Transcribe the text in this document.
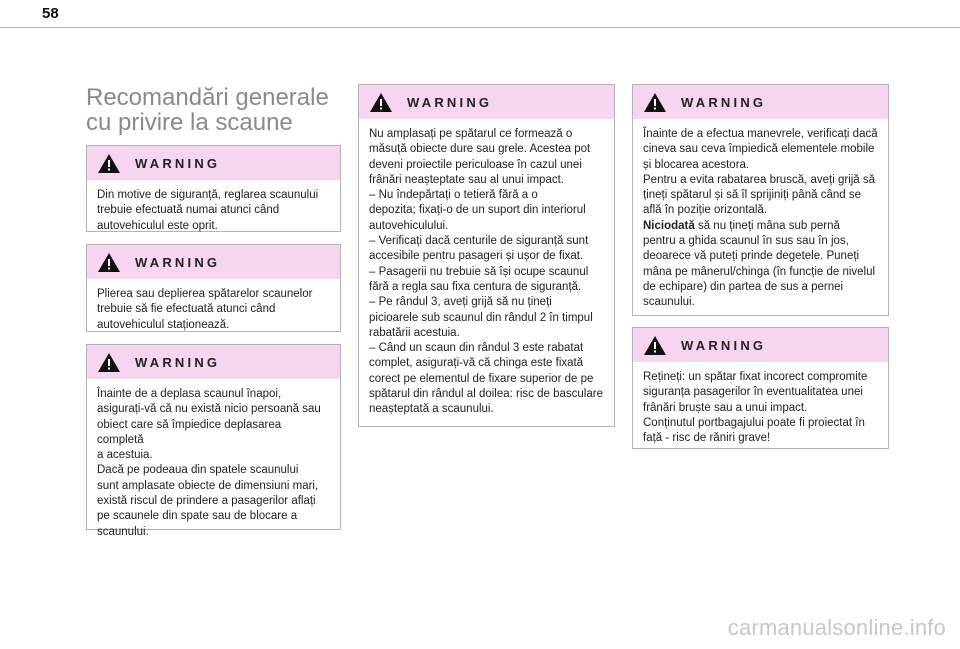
58
Recomandări generale cu privire la scaune
WARNING

Din motive de siguranță, reglarea scaunului

trebuie efectuată numai atunci când

autovehiculul este oprit.

WARNING

Plierea sau deplierea spătarelor scaunelor

trebuie să fie efectuată atunci când

autovehiculul staționează.

WARNING

Înainte de a deplasa scaunul înapoi,

asigurați-vă că nu există nicio persoană sau

obiect care să împiedice deplasarea completă

a acestuia.

Dacă pe podeaua din spatele scaunului

sunt amplasate obiecte de dimensiuni mari,

există riscul de prindere a pasagerilor aflați

pe scaunele din spate sau de blocare a

scaunului.

WARNING

Nu amplasați pe spătarul ce formează o

măsuță obiecte dure sau grele. Acestea pot

deveni proiectile periculoase în cazul unei

frânări neașteptate sau al unui impact.

– Nu îndepărtați o tetieră fără a o

depozita; fixați-o de un suport din interiorul

autovehiculului.

– Verificați dacă centurile de siguranță sunt

accesibile pentru pasageri și ușor de fixat.

– Pasagerii nu trebuie să își ocupe scaunul

fără a regla sau fixa centura de siguranță.

– Pe rândul 3, aveți grijă să nu țineți

picioarele sub scaunul din rândul 2 în timpul

rabatării acestuia.

– Când un scaun din rândul 3 este rabatat

complet, asigurați-vă că chinga este fixată

corect pe elementul de fixare superior de pe

spătarul din rândul al doilea: risc de basculare

neașteptată a scaunului.

WARNING

Înainte de a efectua manevrele, verificați dacă

cineva sau ceva împiedică elementele mobile

și blocarea acestora.

Pentru a evita rabatarea bruscă, aveți grijă să

țineți spătarul și să îl sprijiniți până când se

află în poziție orizontală.

Niciodată să nu țineți mâna sub pernă

pentru a ghida scaunul în sus sau în jos,

deoarece vă puteți prinde degetele. Puneți

mâna pe mânerul/chinga (în funcție de nivelul

de echipare) din partea de sus a pernei

scaunului.

WARNING

Rețineți: un spătar fixat incorect compromite

siguranța pasagerilor în eventualitatea unei

frânări bruște sau a unui impact.

Conținutul portbagajului poate fi proiectat în

față - risc de răniri grave!

carmanualsonline.info
